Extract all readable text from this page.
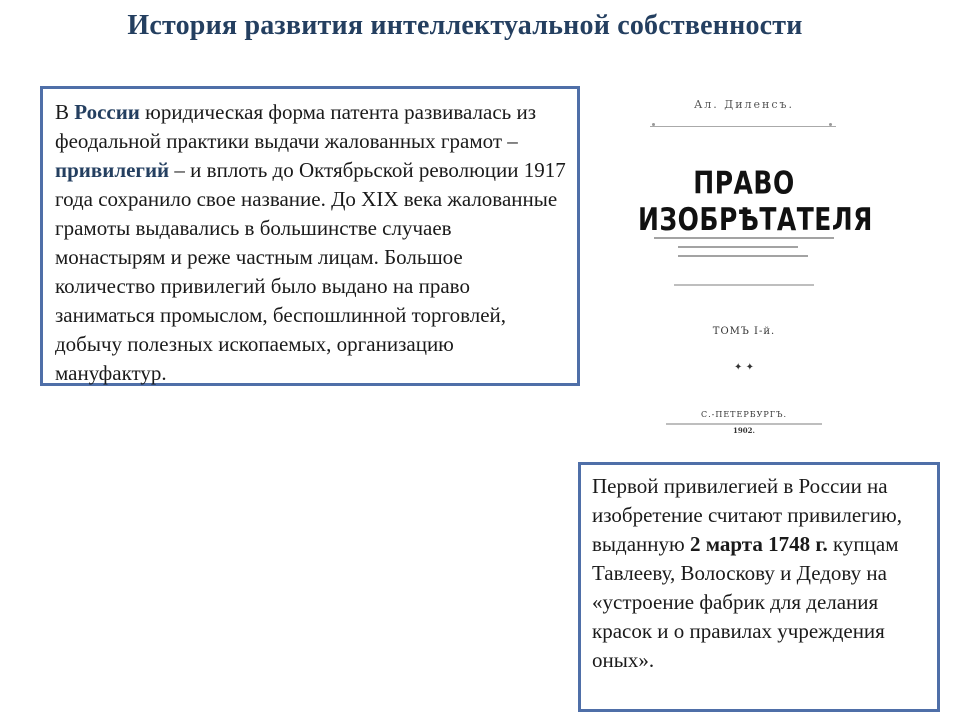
История развития интеллектуальной собственности
В России юридическая форма патента развивалась из феодальной практики выдачи жалованных грамот – привилегий – и вплоть до Октябрьской революции 1917 года сохранило свое название. До XIX века жалованные грамоты выдавались в большинстве случаев монастырям и реже частным лицам. Большое количество привилегий было выдано на право заниматься промыслом, беспошлинной торговлей, добычу полезных ископаемых, организацию мануфактур.
Ал. Диленсъ.
ПРАВО ИЗОБРѢТАТЕЛЯ
ТОМЪ I-й.
✦ ✦
С.-ПЕТЕРБУРГЪ.
1902.
Первой привилегией в России на изобретение считают привилегию, выданную 2 марта 1748 г. купцам Тавлееву, Волоскову и Дедову на «устроение фабрик для делания красок и о правилах учреждения оных».
